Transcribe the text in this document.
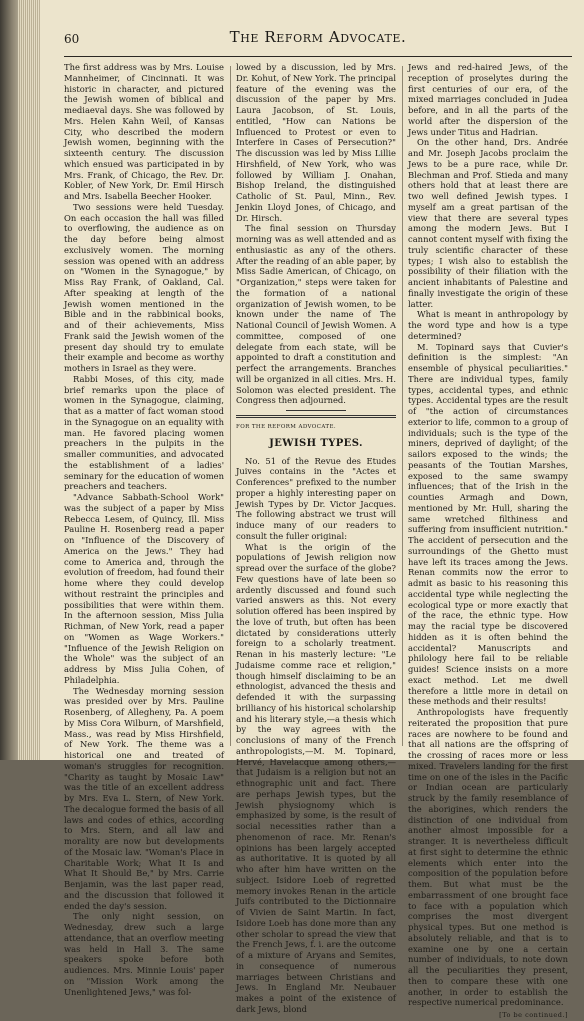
60	The Reform Advocate.

The first address was by Mrs. Louise Mannheimer, of Cincinnati. It was historic in character, and pictured the Jewish women of biblical and mediaeval days. She was followed by Mrs. Helen Kahn Weil, of Kansas City, who described the modern Jewish women, beginning with the sixteenth century. The discussion which ensued was participated in by Mrs. Frank, of Chicago, the Rev. Dr. Kobler, of New York, Dr. Emil Hirsch and Mrs. Isabella Beecher Hooker.

Two sessions were held Tuesday. On each occasion the hall was filled to overflowing, the audience as on the day before being almost exclusively women. The morning session was opened with an address on "Women in the Synagogue," by Miss Ray Frank, of Oakland, Cal. After speaking at length of the Jewish women mentioned in the Bible and in the rabbinical books, and of their achievements, Miss Frank said the Jewish women of the present day should try to emulate their example and become as worthy mothers in Israel as they were.

Rabbi Moses, of this city, made brief remarks upon the place of women in the Synagogue, claiming, that as a matter of fact woman stood in the Synagogue on an equality with man. He favored placing women preachers in the pulpits in the smaller communities, and advocated the establishment of a ladies' seminary for the education of women preachers and teachers.

"Advance Sabbath-School Work" was the subject of a paper by Miss Rebecca Lesem, of Quincy, Ill. Miss Pauline H. Rosenberg read a paper on "Influence of the Discovery of America on the Jews." They had come to America and, through the evolution of freedom, had found their home where they could develop without restraint the principles and possibilities that were within them. In the afternoon session, Miss Julia Richman, of New York, read a paper on "Women as Wage Workers." "Influence of the Jewish Religion on the Whole" was the subject of an address by Miss Julia Cohen, of Philadelphia.

The Wednesday morning session was presided over by Mrs. Pauline Rosenberg, of Allegheny, Pa. A poem by Miss Cora Wilburn, of Marshfield, Mass., was read by Miss Hirshfield, of New York. The theme was a historical one and treated of woman's struggles for recognition. "Charity as taught by Mosaic Law" was the title of an excellent address by Mrs. Eva L. Stern, of New York. The decalogue formed the basis of all laws and codes of ethics, according to Mrs. Stern, and all law and morality are now but developments of the Mosaic law. "Woman's Place in Charitable Work; What It Is and What It Should Be," by Mrs. Carrie Benjamin, was the last paper read, and the discussion that followed it ended the day's session.

The only night session, on Wednesday, drew such a large attendance, that an overflow meeting was held in Hall 3. The same speakers spoke before both audiences. Mrs. Minnie Louis' paper on "Mission Work among the Unenlightened Jews," was fol-

lowed by a discussion, led by Mrs. Dr. Kohut, of New York. The principal feature of the evening was the discussion of the paper by Mrs. Laura Jacobson, of St. Louis, entitled, "How can Nations be Influenced to Protest or even to Interfere in Cases of Persecution?" The discussion was led by Miss Lillie Hirshfield, of New York, who was followed by William J. Onahan, Bishop Ireland, the distinguished Catholic of St. Paul, Minn., Rev. Jenkin Lloyd Jones, of Chicago, and Dr. Hirsch.

The final session on Thursday morning was as well attended and as enthusiastic as any of the others. After the reading of an able paper, by Miss Sadie American, of Chicago, on "Organization," steps were taken for the formation of a national organization of Jewish women, to be known under the name of The National Council of Jewish Women. A committee, composed of one delegate from each state, will be appointed to draft a constitution and perfect the arrangements. Branches will be organized in all cities. Mrs. H. Solomon was elected president. The Congress then adjourned.

FOR THE REFORM ADVOCATE.
JEWISH TYPES.

No. 51 of the Revue des Etudes Juives contains in the "Actes et Conferences" prefixed to the number proper a highly interesting paper on Jewish Types by Dr. Victor Jacques. The following abstract we trust will induce many of our readers to consult the fuller original:

What is the origin of the populations of Jewish religion now spread over the surface of the globe? Few questions have of late been so ardently discussed and found such varied answers as this. Not every solution offered has been inspired by the love of truth, but often has been dictated by considerations utterly foreign to a scholarly treatment. Renan in his masterly lecture: "Le Judaisme comme race et religion," though himself disclaiming to be an ethnologist, advanced the thesis and defended it with the surpassing brilliancy of his historical scholarship and his literary style,—a thesis which by the way agrees with the conclusions of many of the French anthropologists,—M. M. Topinard, Hervé, Havelacque among others,—that Judaism is a religion but not an ethnographic unit and fact. There are perhaps Jewish types, but the Jewish physiognomy which is emphasized by some, is the result of social necessities rather than a phenomenon of race. Mr. Renan's opinions has been largely accepted as authoritative. It is quoted by all who after him have written on the subject. Isidore Loeb of regretted memory invokes Renan in the article Juifs contributed to the Dictionnaire of Vivien de Saint Martin. In fact, Isidore Loeb has done more than any other scholar to spread the view that the French Jews, f. i. are the outcome of a mixture of Aryans and Semites, in consequence of numerous marriages between Christians and Jews. In England Mr. Neubauer makes a point of the existence of dark Jews, blond

Jews and red-haired Jews, of the reception of proselytes during the first centuries of our era, of the mixed marriages concluded in Judea before, and in all the parts of the world after the dispersion of the Jews under Titus and Hadrian.

On the other hand, Drs. Andrée and Mr. Joseph Jacobs proclaim the Jews to be a pure race, while Dr. Blechman and Prof. Stieda and many others hold that at least there are two well defined Jewish types. I myself am a great partisan of the view that there are several types among the modern Jews. But I cannot content myself with fixing the truly scientific character of these types; I wish also to establish the possibility of their filiation with the ancient inhabitants of Palestine and finally investigate the origin of these latter.

What is meant in anthropology by the word type and how is a type determined?

M. Topinard says that Cuvier's definition is the simplest: "An ensemble of physical peculiarities." There are individual types, family types, accidental types, and ethnic types. Accidental types are the result of "the action of circumstances exterior to life, common to a group of individuals; such is the type of the miners, deprived of daylight; of the sailors exposed to the winds; the peasants of the Toutian Marshes, exposed to the same swampy influences; that of the Irish in the counties Armagh and Down, mentioned by Mr. Hull, sharing the same wretched filthiness and suffering from insufficient nutrition." The accident of persecution and the surroundings of the Ghetto must have left its traces among the Jews. Renan commits now the error to admit as basic to his reasoning this accidental type while neglecting the ecological type or more exactly that of the race, the ethnic type. How may the racial type be discovered hidden as it is often behind the accidental? Manuscripts and philology here fail to be reliable guides! Science insists on a more exact method. Let me dwell therefore a little more in detail on these methods and their results!

Anthropologists have frequently reiterated the proposition that pure races are nowhere to be found and that all nations are the offspring of the crossing of races more or less mixed. Travelers landing for the first time on one of the isles in the Pacific or Indian ocean are particularly struck by the family resemblance of the aborigines, which renders the distinction of one individual from another almost impossible for a stranger. It is nevertheless difficult at first sight to determine the ethnic elements which enter into the composition of the population before them. But what must be the embarrassment of one brought face to face with a population which comprises the most divergent physical types. But one method is absolutely reliable, and that is to examine one by one a certain number of individuals, to note down all the peculiarities they present, then to compare these with one another, in order to establish the respective numerical predominance.

[To be continued.]
